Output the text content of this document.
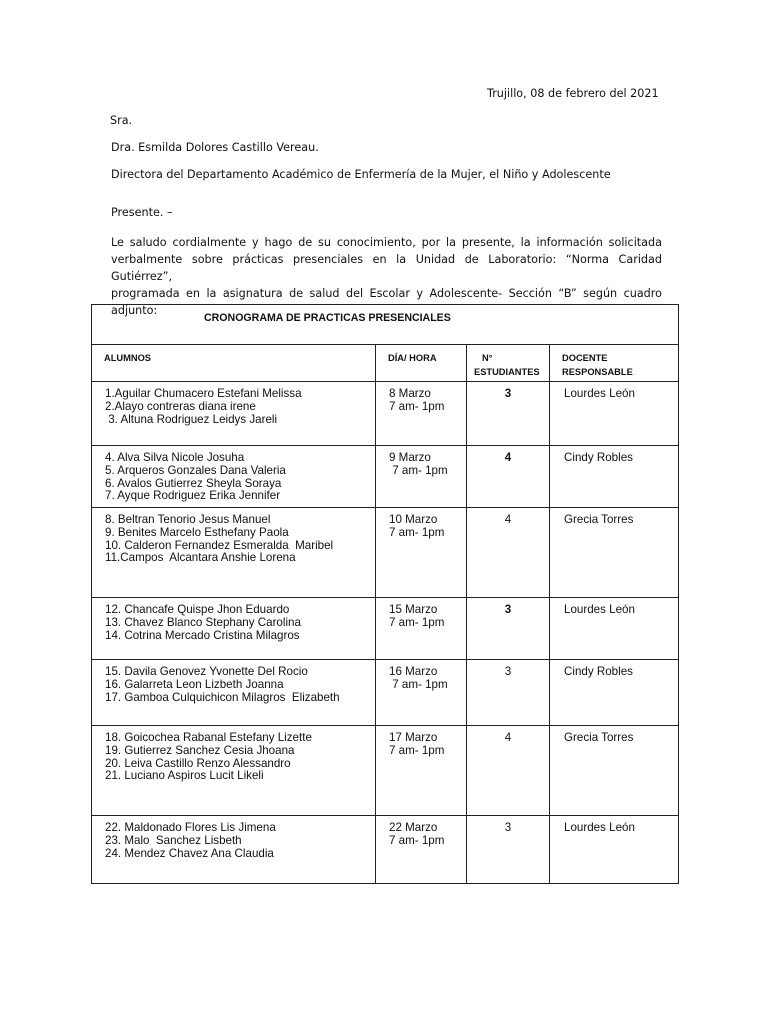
Trujillo, 08 de febrero del 2021
Sra.
Dra. Esmilda Dolores Castillo Vereau.
Directora del Departamento Académico de Enfermería de la Mujer, el Niño y Adolescente
Presente. –
Le saludo cordialmente y hago de su conocimiento, por la presente, la información solicitada
verbalmente sobre prácticas presenciales en la Unidad de Laboratorio: “Norma Caridad Gutiérrez”,
programada en la asignatura de salud del Escolar y Adolescente- Sección “B” según cuadro adjunto:
CRONOGRAMA DE PRACTICAS PRESENCIALES			

ALUMNOS	DÍA/ HORA	N°
ESTUDIANTES	DOCENTE
RESPONSABLE

1.Aguilar Chumacero Estefani Melissa
2.Alayo contreras diana irene
3. Altuna Rodriguez Leidys Jareli	8 Marzo
7 am- 1pm	3	Lourdes León

4. Alva Silva Nicole Josuha
5. Arqueros Gonzales Dana Valeria
6. Avalos Gutierrez Sheyla Soraya
7. Ayque Rodriguez Erika Jennifer	9 Marzo
7 am- 1pm	4	Cindy Robles

8. Beltran Tenorio Jesus Manuel
9. Benites Marcelo Esthefany Paola
10. Calderon Fernandez Esmeralda  Maribel
11.Campos  Alcantara Anshie Lorena	10 Marzo
7 am- 1pm	4	Grecia Torres

12. Chancafe Quispe Jhon Eduardo
13. Chavez Blanco Stephany Carolina
14. Cotrina Mercado Cristina Milagros	15 Marzo
7 am- 1pm	3	Lourdes León

15. Davila Genovez Yvonette Del Rocio
16. Galarreta Leon Lizbeth Joanna
17. Gamboa Culquichicon Milagros  Elizabeth	16 Marzo
7 am- 1pm	3	Cindy Robles

18. Goicochea Rabanal Estefany Lizette
19. Gutierrez Sanchez Cesia Jhoana
20. Leiva Castillo Renzo Alessandro
21. Luciano Aspiros Lucit Likeli	17 Marzo
7 am- 1pm	4	Grecia Torres

22. Maldonado Flores Lis Jimena
23. Malo  Sanchez Lisbeth
24. Mendez Chavez Ana Claudia	22 Marzo
7 am- 1pm	3	Lourdes León
